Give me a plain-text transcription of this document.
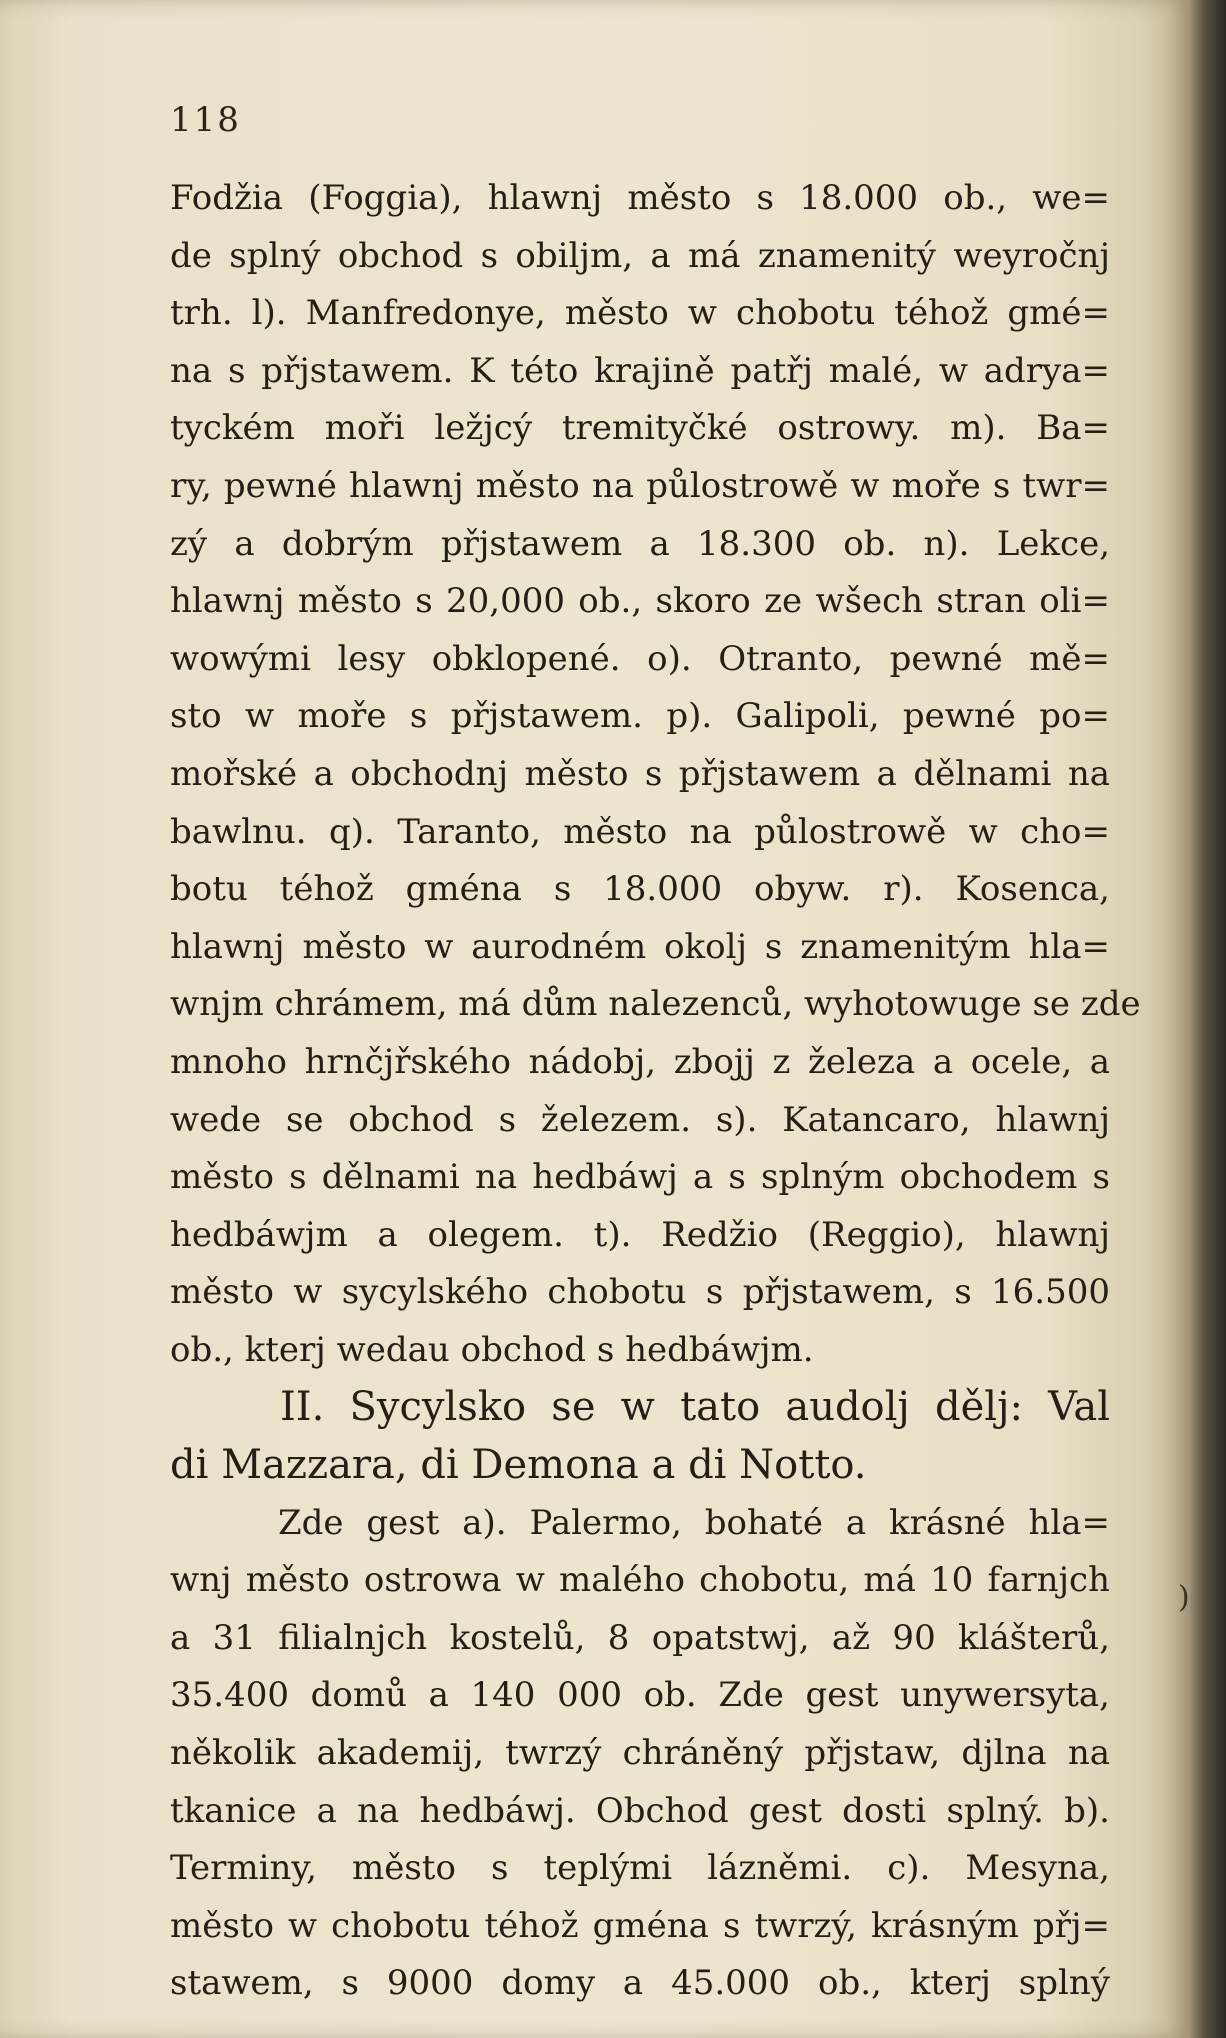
118
Fodžia (Foggia), hlawnj město s 18.000 ob., we=
de splný obchod s obiljm, a má znamenitý weyročnj
trh. l). Manfredonye, město w chobotu téhož gmé=
na s přjstawem. K této krajině patřj malé, w adrya=
tyckém moři ležjcý tremityčké ostrowy. m). Ba=
ry, pewné hlawnj město na půlostrowě w moře s twr=
zý a dobrým přjstawem a 18.300 ob. n). Lekce,
hlawnj město s 20,000 ob., skoro ze wšech stran oli=
wowými lesy obklopené. o). Otranto, pewné mě=
sto w moře s přjstawem. p). Galipoli, pewné po=
mořské a obchodnj město s přjstawem a dělnami na
bawlnu. q). Taranto, město na půlostrowě w cho=
botu téhož gména s 18.000 obyw. r). Kosenca,
hlawnj město w aurodném okolj s znamenitým hla=
wnjm chrámem, má dům nalezenců, wyhotowuge se zde
mnoho hrnčjřského nádobj, zbojj z železa a ocele, a
wede se obchod s železem. s). Katancaro, hlawnj
město s dělnami na hedbáwj a s splným obchodem s
hedbáwjm a olegem. t). Redžio (Reggio), hlawnj
město w sycylského chobotu s přjstawem, s 16.500
ob., kterj wedau obchod s hedbáwjm.
II. Sycylsko se w tato audolj dělj: Val
di Mazzara, di Demona a di Notto.
Zde gest a). Palermo, bohaté a krásné hla=
wnj město ostrowa w malého chobotu, má 10 farnjch
a 31 filialnjch kostelů, 8 opatstwj, až 90 klášterů,
35.400 domů a 140 000 ob. Zde gest unywersyta,
několik akademij, twrzý chráněný přjstaw, djlna na
tkanice a na hedbáwj. Obchod gest dosti splný. b).
Terminy, město s teplými lázněmi. c). Mesyna,
město w chobotu téhož gména s twrzý, krásným přj=
stawem, s 9000 domy a 45.000 ob., kterj splný
)
